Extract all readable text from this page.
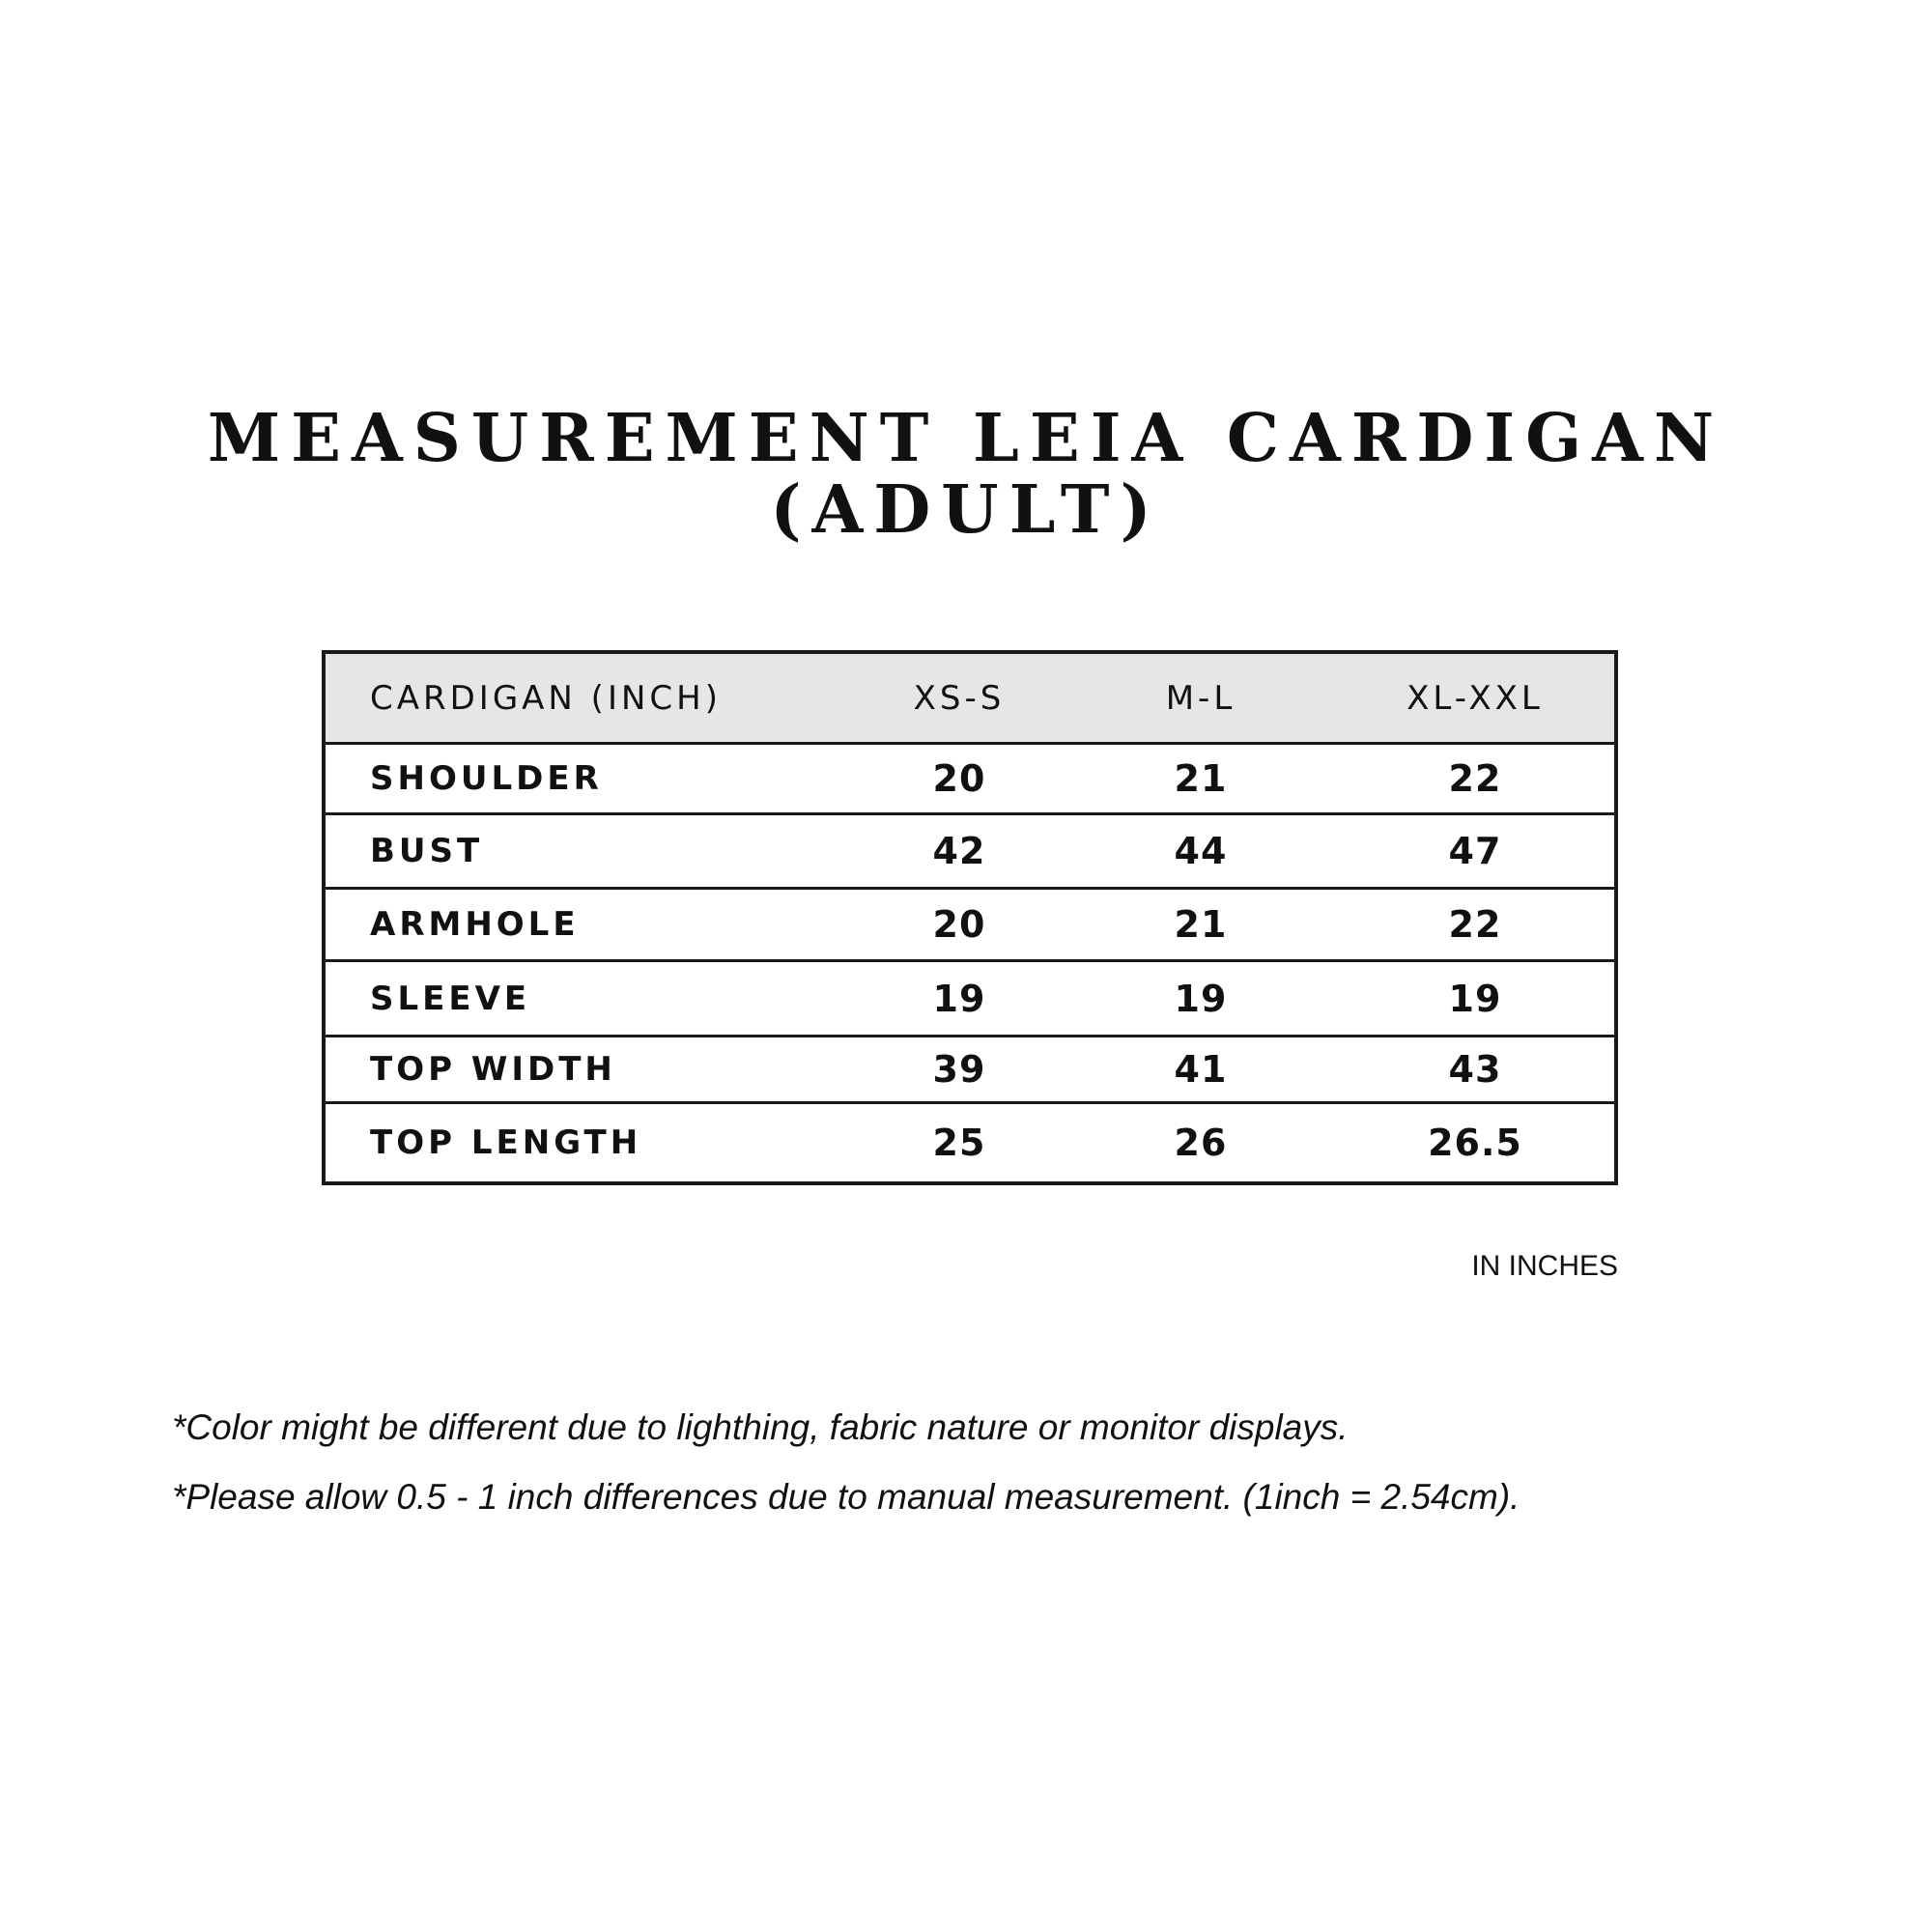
MEASUREMENT LEIA CARDIGAN
(ADULT)
CARDIGAN (INCH)	XS-S	M-L	XL-XXL
SHOULDER	20	21	22
BUST	42	44	47
ARMHOLE	20	21	22
SLEEVE	19	19	19
TOP WIDTH	39	41	43
TOP LENGTH	25	26	26.5

IN INCHES

*Color might be different due to lighthing, fabric nature or monitor displays.

*Please allow 0.5 - 1 inch differences due to manual measurement. (1inch = 2.54cm).
